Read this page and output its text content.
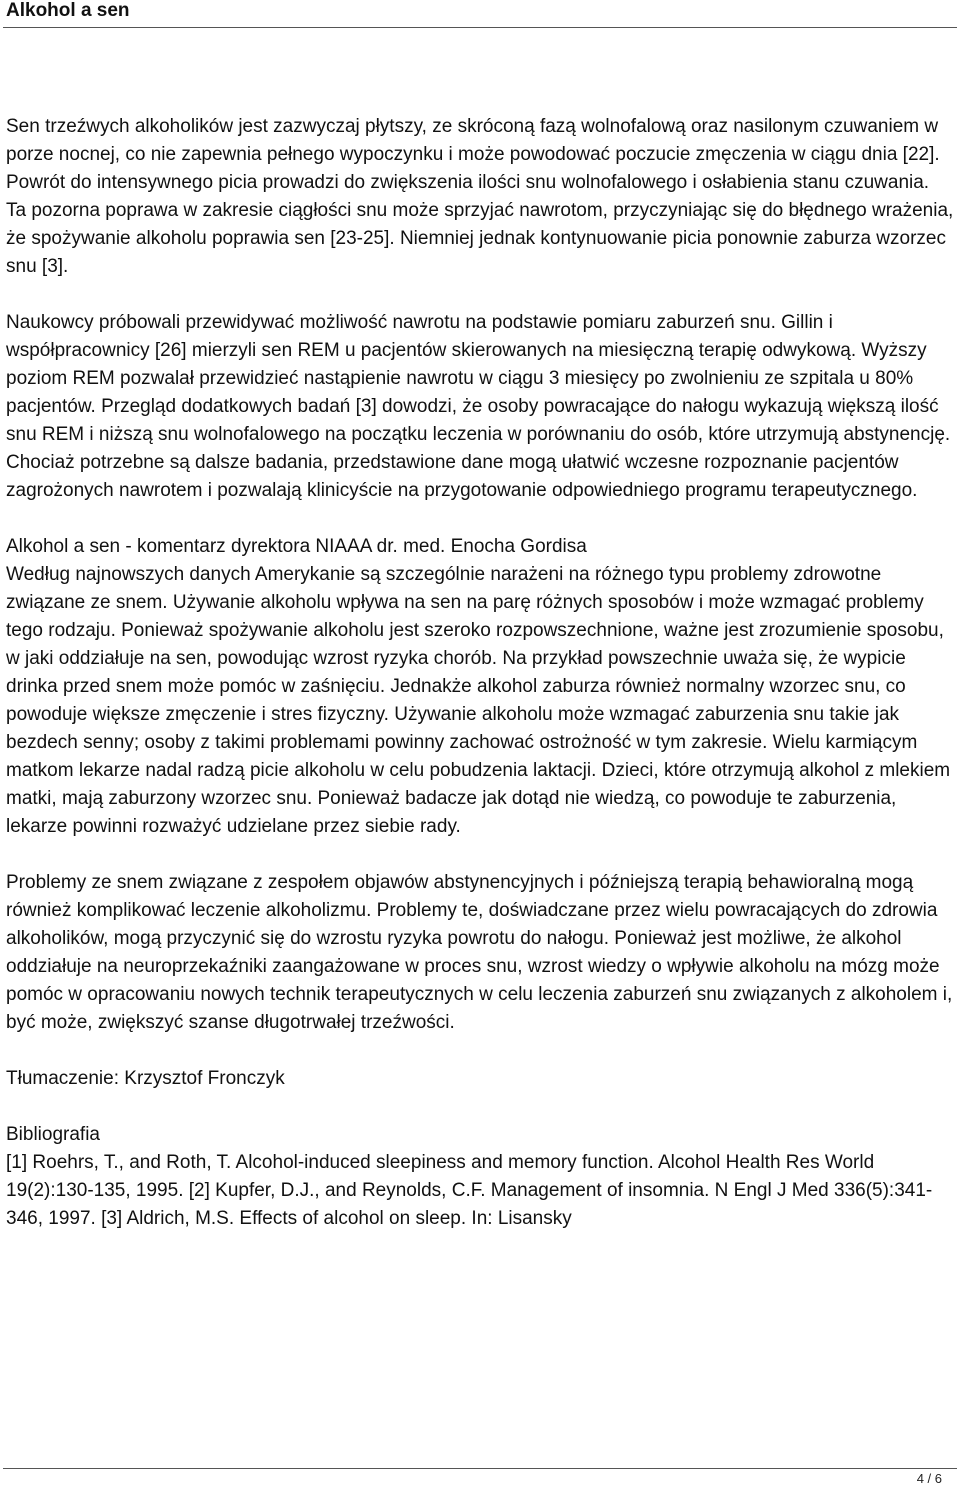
Alkohol a sen

Sen trzeźwych alkoholików jest zazwyczaj płytszy, ze skróconą fazą wolnofalową oraz nasilonym czuwaniem w porze nocnej, co nie zapewnia pełnego wypoczynku i może powodować poczucie zmęczenia w ciągu dnia [22]. Powrót do intensywnego picia prowadzi do zwiększenia ilości snu wolnofalowego i osłabienia stanu czuwania. Ta pozorna poprawa w zakresie ciągłości snu może sprzyjać nawrotom, przyczyniając się do błędnego wrażenia, że spożywanie alkoholu poprawia sen [23-25]. Niemniej jednak kontynuowanie picia ponownie zaburza wzorzec snu [3].

Naukowcy próbowali przewidywać możliwość nawrotu na podstawie pomiaru zaburzeń snu. Gillin i współpracownicy [26] mierzyli sen REM u pacjentów skierowanych na miesięczną terapię odwykową. Wyższy poziom REM pozwalał przewidzieć nastąpienie nawrotu w ciągu 3 miesięcy po zwolnieniu ze szpitala u 80% pacjentów. Przegląd dodatkowych badań [3] dowodzi, że osoby powracające do nałogu wykazują większą ilość snu REM i niższą snu wolnofalowego na początku leczenia w porównaniu do osób, które utrzymują abstynencję. Chociaż potrzebne są dalsze badania, przedstawione dane mogą ułatwić wczesne rozpoznanie pacjentów zagrożonych nawrotem i pozwalają klinicyście na przygotowanie odpowiedniego programu terapeutycznego.

Alkohol a sen - komentarz dyrektora NIAAA dr. med. Enocha Gordisa

Według najnowszych danych Amerykanie są szczególnie narażeni na różnego typu problemy zdrowotne związane ze snem. Używanie alkoholu wpływa na sen na parę różnych sposobów i może wzmagać problemy tego rodzaju. Ponieważ spożywanie alkoholu jest szeroko rozpowszechnione, ważne jest zrozumienie sposobu, w jaki oddziałuje na sen, powodując wzrost ryzyka chorób. Na przykład powszechnie uważa się, że wypicie drinka przed snem może pomóc w zaśnięciu. Jednakże alkohol zaburza również normalny wzorzec snu, co powoduje większe zmęczenie i stres fizyczny. Używanie alkoholu może wzmagać zaburzenia snu takie jak bezdech senny; osoby z takimi problemami powinny zachować ostrożność w tym zakresie. Wielu karmiącym matkom lekarze nadal radzą picie alkoholu w celu pobudzenia laktacji. Dzieci, które otrzymują alkohol z mlekiem matki, mają zaburzony wzorzec snu. Ponieważ badacze jak dotąd nie wiedzą, co powoduje te zaburzenia, lekarze powinni rozważyć udzielane przez siebie rady.

Problemy ze snem związane z zespołem objawów abstynencyjnych i późniejszą terapią behawioralną mogą również komplikować leczenie alkoholizmu. Problemy te, doświadczane przez wielu powracających do zdrowia alkoholików, mogą przyczynić się do wzrostu ryzyka powrotu do nałogu. Ponieważ jest możliwe, że alkohol oddziałuje na neuroprzekaźniki zaangażowane w proces snu, wzrost wiedzy o wpływie alkoholu na mózg może pomóc w opracowaniu nowych technik terapeutycznych w celu leczenia zaburzeń snu związanych z alkoholem i, być może, zwiększyć szanse długotrwałej trzeźwości.

Tłumaczenie: Krzysztof Fronczyk

Bibliografia

[1] Roehrs, T., and Roth, T. Alcohol-induced sleepiness and memory function. Alcohol Health Res World 19(2):130-135, 1995. [2] Kupfer, D.J., and Reynolds, C.F. Management of insomnia. N Engl J Med 336(5):341-346, 1997. [3] Aldrich, M.S. Effects of alcohol on sleep. In: Lisansky

4 / 6
